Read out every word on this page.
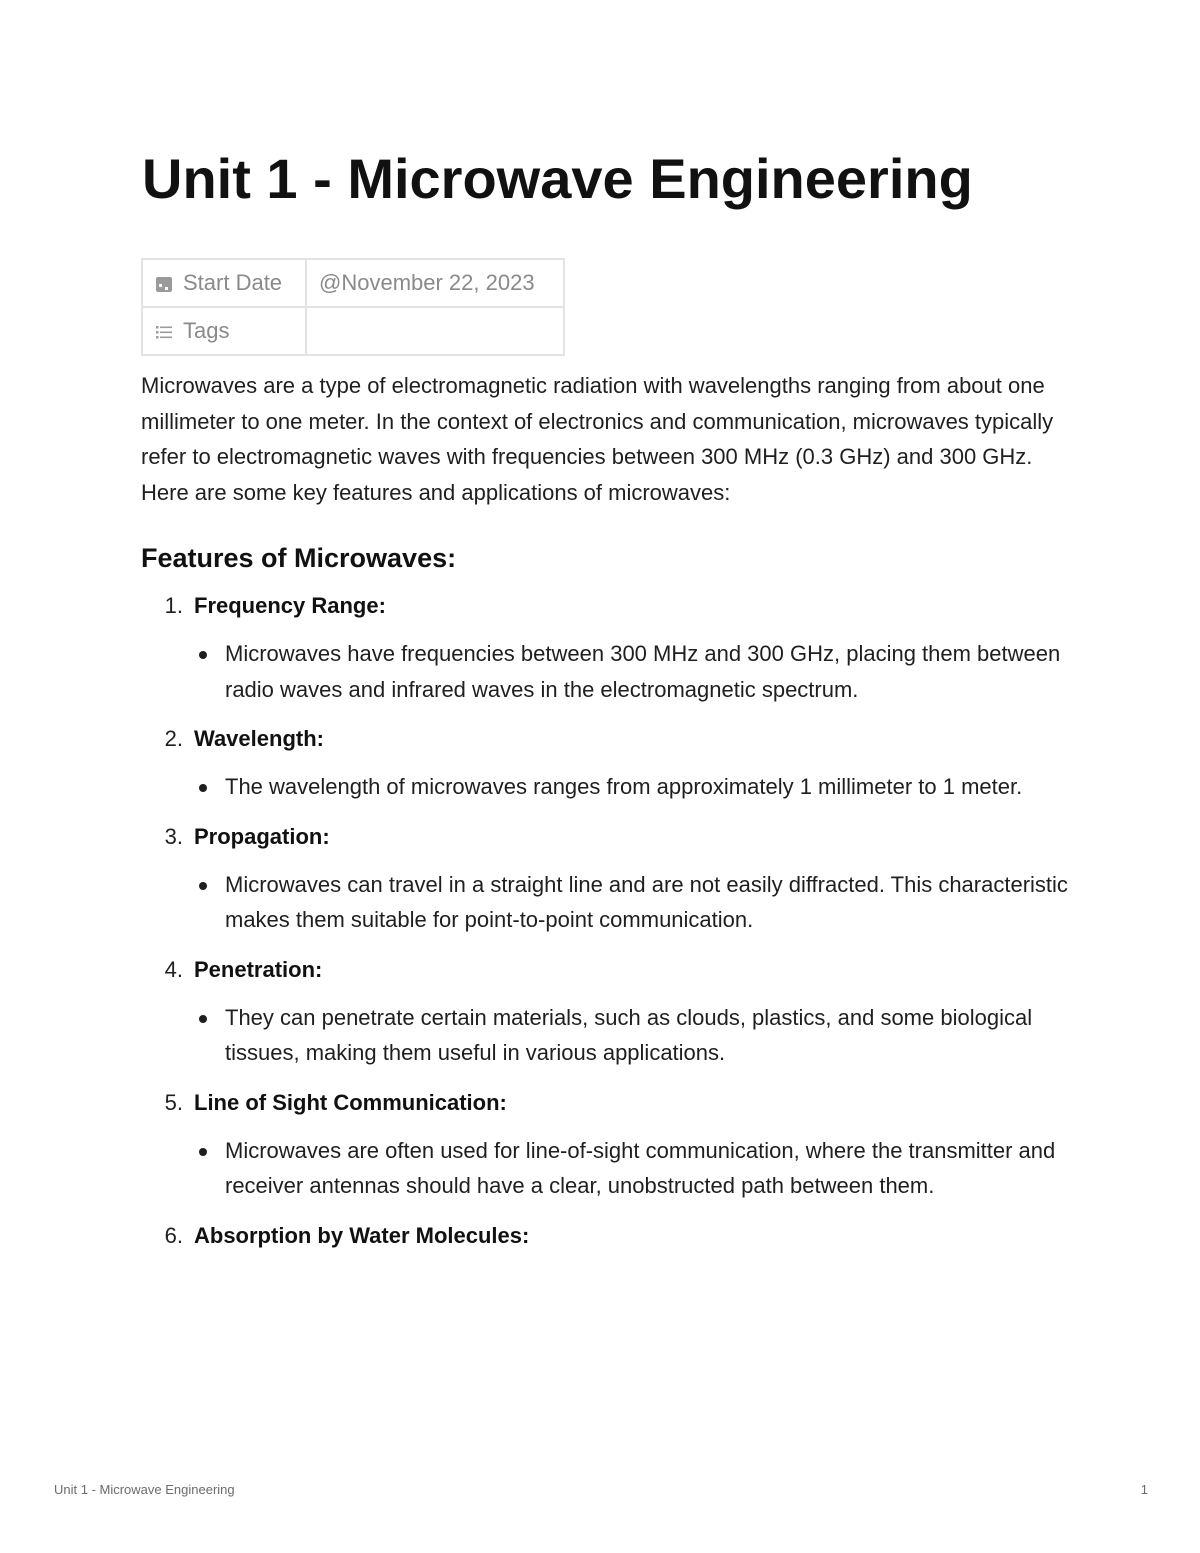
Unit 1 - Microwave Engineering
Start Date	@November 22, 2023
Tags	

Microwaves are a type of electromagnetic radiation with wavelengths ranging from about one millimeter to one meter. In the context of electronics and communication, microwaves typically refer to electromagnetic waves with frequencies between 300 MHz (0.3 GHz) and 300 GHz. Here are some key features and applications of microwaves:

Features of Microwaves:
1. Frequency Range:
Microwaves have frequencies between 300 MHz and 300 GHz, placing them between radio waves and infrared waves in the electromagnetic spectrum.
2. Wavelength:
The wavelength of microwaves ranges from approximately 1 millimeter to 1 meter.
3. Propagation:
Microwaves can travel in a straight line and are not easily diffracted. This characteristic makes them suitable for point-to-point communication.
4. Penetration:
They can penetrate certain materials, such as clouds, plastics, and some biological tissues, making them useful in various applications.
5. Line of Sight Communication:
Microwaves are often used for line-of-sight communication, where the transmitter and receiver antennas should have a clear, unobstructed path between them.
6. Absorption by Water Molecules:
Unit 1 - Microwave Engineering	1
